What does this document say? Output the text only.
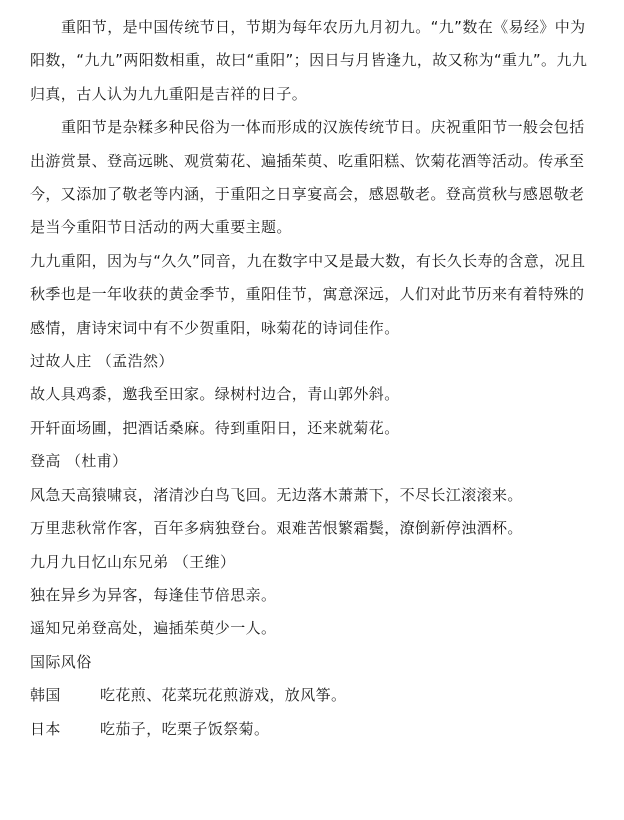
重阳节，是中国传统节日，节期为每年农历九月初九。“九”数在《易经》中为阳数，“九九”两阳数相重，故曰“重阳”；因日与月皆逢九，故又称为“重九”。九九归真，古人认为九九重阳是吉祥的日子。

重阳节是杂糅多种民俗为一体而形成的汉族传统节日。庆祝重阳节一般会包括出游赏景、登高远眺、观赏菊花、遍插茱萸、吃重阳糕、饮菊花酒等活动。传承至今，又添加了敬老等内涵，于重阳之日享宴高会，感恩敬老。登高赏秋与感恩敬老是当今重阳节日活动的两大重要主题。

九九重阳，因为与“久久”同音，九在数字中又是最大数，有长久长寿的含意，况且秋季也是一年收获的黄金季节，重阳佳节，寓意深远，人们对此节历来有着特殊的感情，唐诗宋词中有不少贺重阳，咏菊花的诗词佳作。

过故人庄 （孟浩然）

故人具鸡黍，邀我至田家。绿树村边合，青山郭外斜。

开轩面场圃，把酒话桑麻。待到重阳日，还来就菊花。

登高 （杜甫）

风急天高猿啸哀，渚清沙白鸟飞回。无边落木萧萧下，不尽长江滚滚来。

万里悲秋常作客，百年多病独登台。艰难苦恨繁霜鬓，潦倒新停浊酒杯。

九月九日忆山东兄弟 （王维）

独在异乡为异客，每逢佳节倍思亲。

遥知兄弟登高处，遍插茱萸少一人。

国际风俗

韩国	吃花煎、花菜玩花煎游戏，放风筝。
日本	吃茄子，吃栗子饭祭菊。
